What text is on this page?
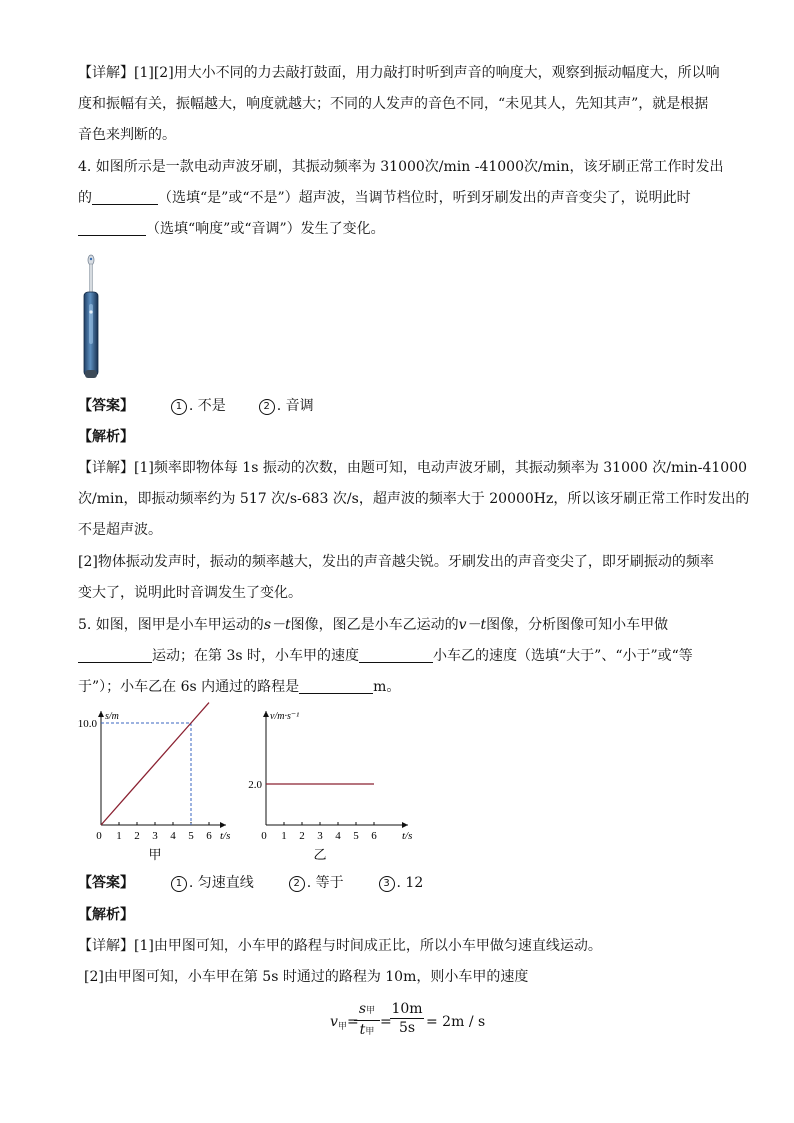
【详解】[1][2]用大小不同的力去敲打鼓面，用力敲打时听到声音的响度大，观察到振动幅度大，所以响
度和振幅有关，振幅越大，响度就越大；不同的人发声的音色不同，“未见其人，先知其声”，就是根据
音色来判断的。
4. 如图所示是一款电动声波牙刷，其振动频率为 31000次/min -41000次/min，该牙刷正常工作时发出
的	（选填“是”或“不是”）超声波，当调节档位时，听到牙刷发出的声音变尖了，说明此时
（选填“响度”或“音调”）发生了变化。
【答案】	1 . 不是	2 . 音调
【解析】
【详解】[1]频率即物体每 1s 振动的次数，由题可知，电动声波牙刷，其振动频率为 31000 次/min-41000
次/min，即振动频率约为 517 次/s-683 次/s，超声波的频率大于 20000Hz，所以该牙刷正常工作时发出的
不是超声波。
[2]物体振动发声时，振动的频率越大，发出的声音越尖锐。牙刷发出的声音变尖了，即牙刷振动的频率
变大了，说明此时音调发生了变化。
5. 如图，图甲是小车甲运动的s－t图像，图乙是小车乙运动的v－t图像，分析图像可知小车甲做
运动；在第 3s 时，小车甲的速度	小车乙的速度（选填“大于”、“小于”或“等
于”）；小车乙在 6s 内通过的路程是	m。
0 1 2 3 4 5 6
10.0
t/s
s/m
甲
0 1 2 3 4 5 6
2.0
t/s
v/m·s⁻¹
乙
【答案】	1 . 匀速直线	2 . 等于	3 . 12
【解析】
【详解】[1]由甲图可知，小车甲的路程与时间成正比，所以小车甲做匀速直线运动。
[2]由甲图可知，小车甲在第 5s 时通过的路程为 10m，则小车甲的速度
$v_甲=$
s甲
t甲
=
$\frac{10m}{5s} = 2m / s$
